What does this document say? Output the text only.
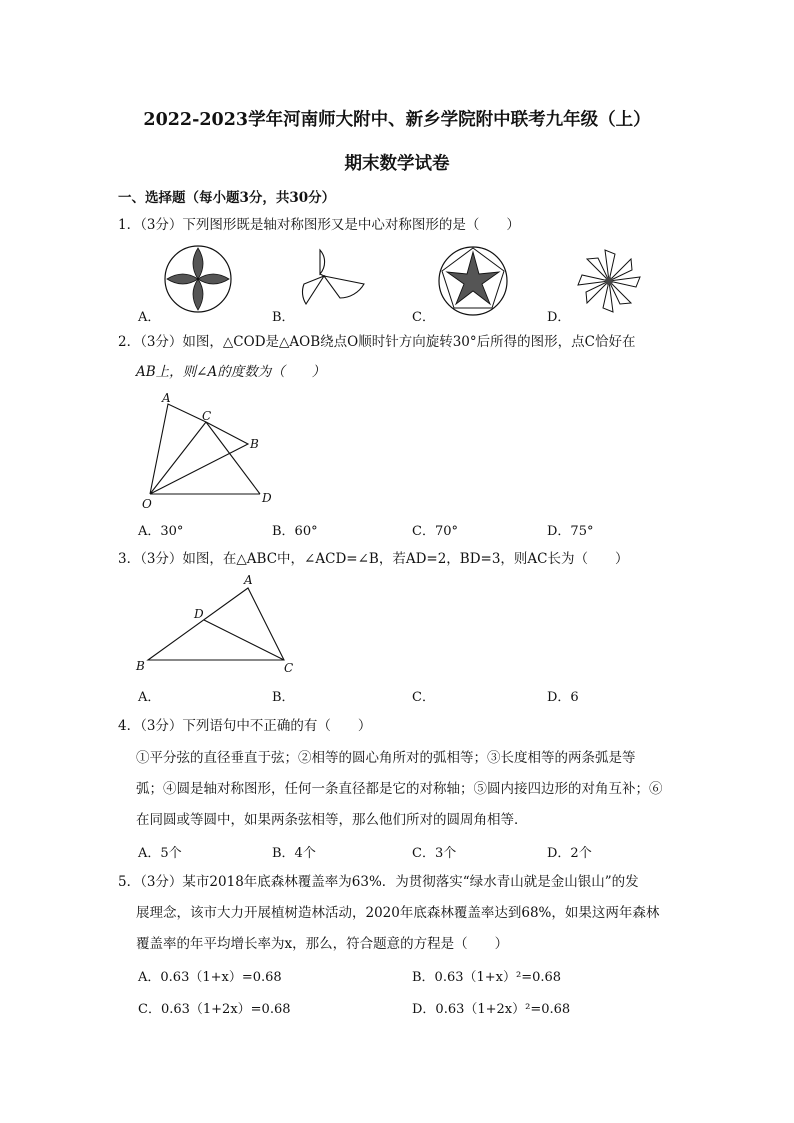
2022-2023学年河南师大附中、新乡学院附中联考九年级（上）
期末数学试卷
一、选择题（每小题3分，共30分）
1．（3分）下列图形既是轴对称图形又是中心对称图形的是（　　）
A．	B．	C．	D．
2．（3分）如图，△COD是△AOB绕点O顺时针方向旋转30°后所得的图形，点C恰好在
AB上，则∠A的度数为（　　）
A
C
B
D
O
A．30°	B．60°	C．70°	D．75°
3．（3分）如图，在△ABC中，∠ACD=∠B，若AD=2，BD=3，则AC长为（　　）
A
D
B	C
A．	B．	C．	D．6
4．（3分）下列语句中不正确的有（　　）
①平分弦的直径垂直于弦；②相等的圆心角所对的弧相等；③长度相等的两条弧是等
弧；④圆是轴对称图形，任何一条直径都是它的对称轴；⑤圆内接四边形的对角互补；⑥
在同圆或等圆中，如果两条弦相等，那么他们所对的圆周角相等．
A．5个	B．4个	C．3个	D．2个
5．（3分）某市2018年底森林覆盖率为63%．为贯彻落实“绿水青山就是金山银山”的发
展理念，该市大力开展植树造林活动，2020年底森林覆盖率达到68%，如果这两年森林
覆盖率的年平均增长率为x，那么，符合题意的方程是（　　）
A．0.63（1+x）=0.68	B．0.63（1+x）²=0.68
C．0.63（1+2x）=0.68	D．0.63（1+2x）²=0.68
